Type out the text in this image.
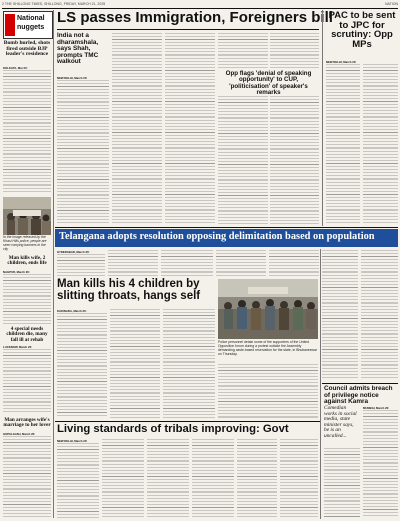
2 THE SHILLONG TIMES, SHILLONG, FRIDAY, MARCH 21, 2025	NATION
National
nuggets
Bomb hurled, shots fired outside BJP leader's residence
KOLKATA, Mar 20:
In the image released by the Khasi Hills police, people are seen carrying banners in the city
Man kills wife, 2 children, ends life
NAGPUR, March 20:
4 special needs children die, many fall ill at rehab
LUCKNOW, March 20:
Man arranges wife's marriage to her lover
GOPALGANJ, March 20:
LS passes Immigration, Foreigners bill
India not a dharamshala, says Shah, prompts TMC walkout
NEW DELHI, March 20:
Opp flags 'denial of speaking opportunity' to CUP, 'politicisation' of speaker's remarks
PAC to be sent to JPC for scrutiny: Opp MPs
NEW DELHI, March 20:
Telangana adopts resolution opposing delimitation based on population
HYDERABAD, March 20:
Man kills his 4 children by slitting throats, hangs self
KAKINADA, March 20:
Police personnel detain some of the supporters of the United Opposition forum during a protest outside the Assembly demanding caste-based reservation for the state, in Bhubaneswar on Thursday.
Living standards of tribals improving: Govt
NEW DELHI, March 20:
Council admits breach of privilege notice against Kamra
Comedian works in social media, state minister says, he is an uncalled...
MUMBAI, March 20:
